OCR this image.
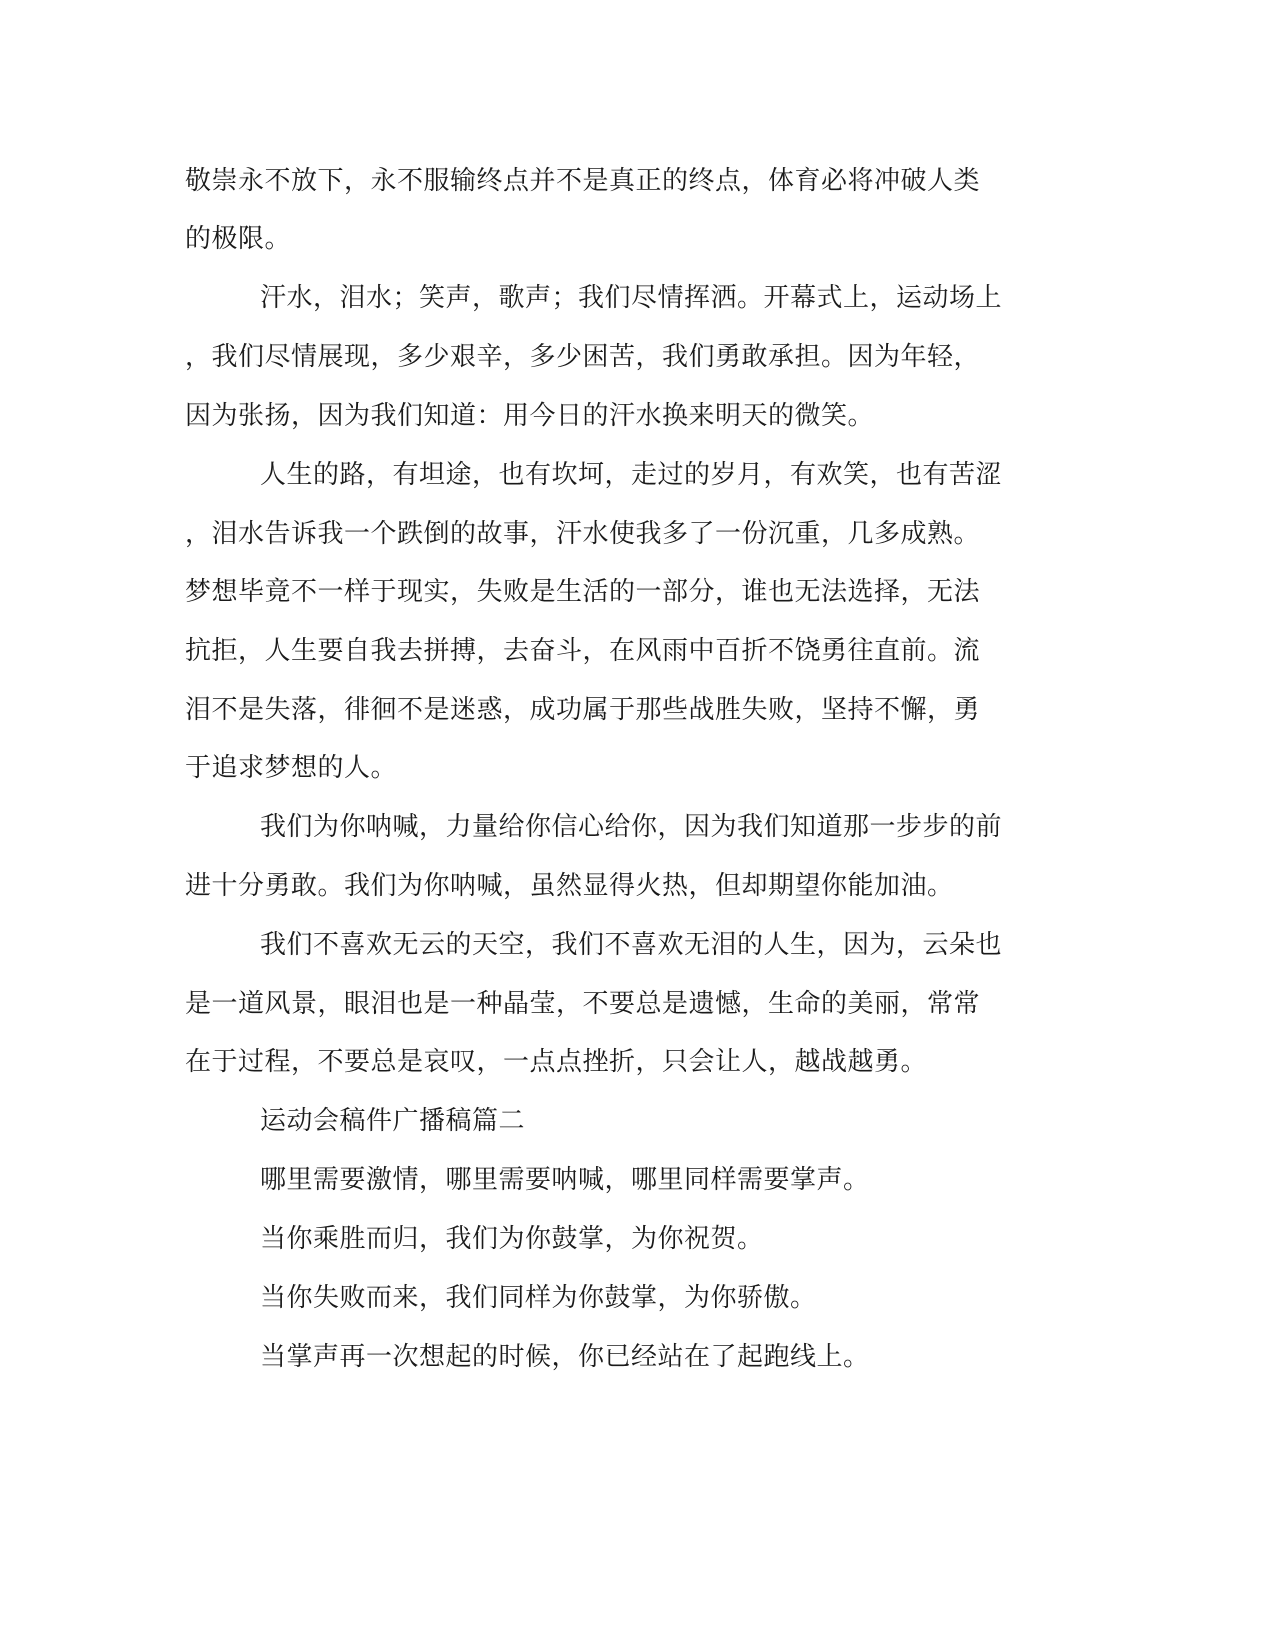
敬崇永不放下，永不服输终点并不是真正的终点，体育必将冲破人类
的极限。
汗水，泪水；笑声，歌声；我们尽情挥洒。开幕式上，运动场上
，我们尽情展现，多少艰辛，多少困苦，我们勇敢承担。因为年轻，
因为张扬，因为我们知道：用今日的汗水换来明天的微笑。
人生的路，有坦途，也有坎坷，走过的岁月，有欢笑，也有苦涩
，泪水告诉我一个跌倒的故事，汗水使我多了一份沉重，几多成熟。
梦想毕竟不一样于现实，失败是生活的一部分，谁也无法选择，无法
抗拒，人生要自我去拼搏，去奋斗，在风雨中百折不饶勇往直前。流
泪不是失落，徘徊不是迷惑，成功属于那些战胜失败，坚持不懈，勇
于追求梦想的人。
我们为你呐喊，力量给你信心给你，因为我们知道那一步步的前
进十分勇敢。我们为你呐喊，虽然显得火热，但却期望你能加油。
我们不喜欢无云的天空，我们不喜欢无泪的人生，因为，云朵也
是一道风景，眼泪也是一种晶莹，不要总是遗憾，生命的美丽，常常
在于过程，不要总是哀叹，一点点挫折，只会让人，越战越勇。
运动会稿件广播稿篇二
哪里需要激情，哪里需要呐喊，哪里同样需要掌声。
当你乘胜而归，我们为你鼓掌，为你祝贺。
当你失败而来，我们同样为你鼓掌，为你骄傲。
当掌声再一次想起的时候，你已经站在了起跑线上。
